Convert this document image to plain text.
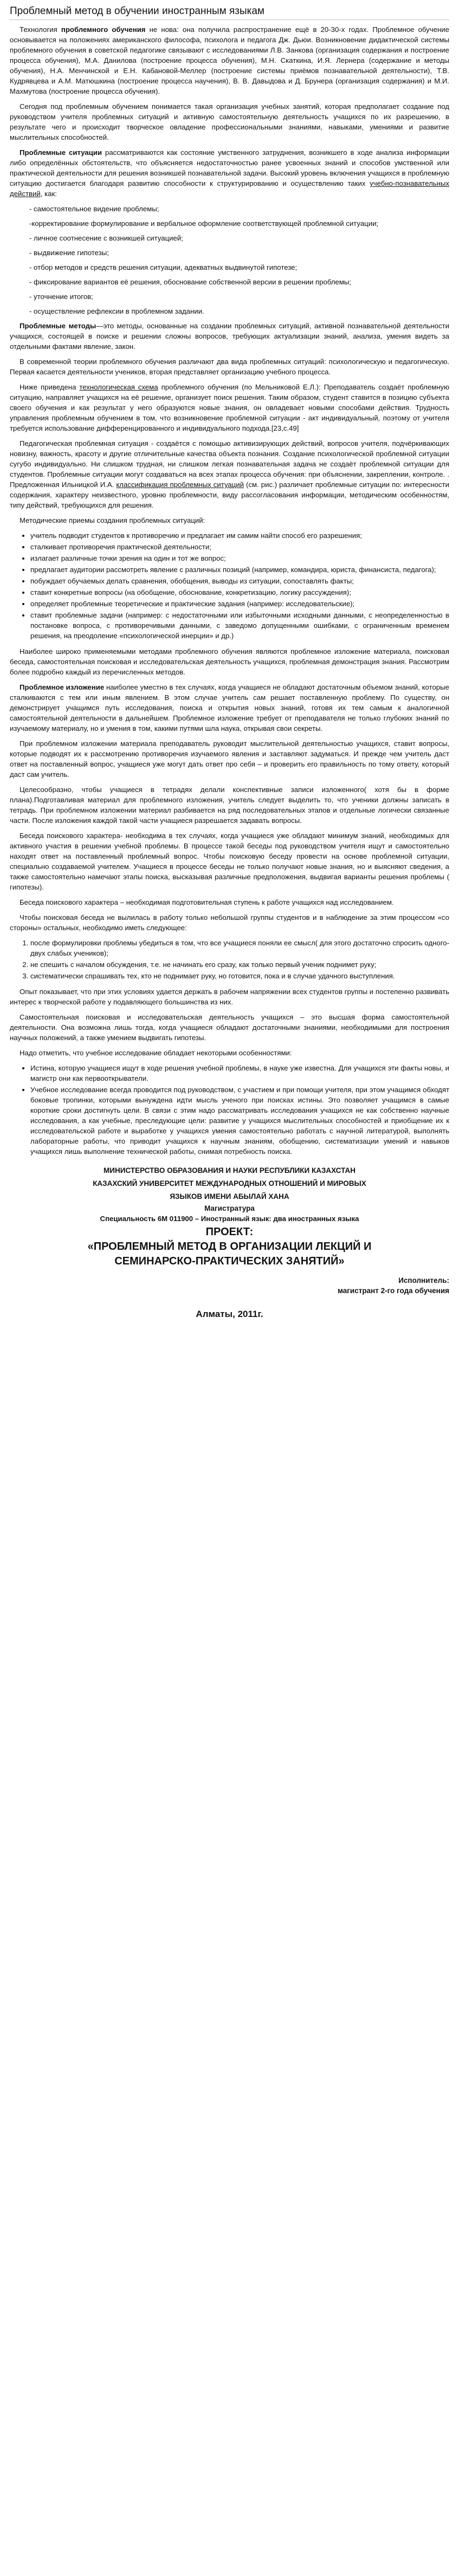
Проблемный метод в обучении иностранным языкам

Технология проблемного обучения не нова: она получила распространение ещё в 20-30-х годах. Проблемное обучение основывается на положениях американского философа, психолога и педагога Дж. Дьюи. Возникновение дидактической системы проблемного обучения в советской педагогике связывают с исследованиями Л.В. Занкова (организация содержания и построение процесса обучения), М.А. Данилова (построение процесса обучения), М.Н. Скаткина, И.Я. Лернера (содержание и методы обучения), Н.А. Менчинской и Е.Н. Кабановой-Меллер (построение системы приёмов познавательной деятельности), Т.В. Кудрявцева и А.М. Матюшкина (построение процесса научения), В. В. Давыдова и Д. Брунера (организация содержания) и М.И. Махмутова (построение процесса обучения).

Сегодня под проблемным обучением понимается такая организация учебных занятий, которая предполагает создание под руководством учителя проблемных ситуаций и активную самостоятельную деятельность учащихся по их разрешению, в результате чего и происходит творческое овладение профессиональными знаниями, навыками, умениями и развитие мыслительных способностей.

Проблемные ситуации рассматриваются как состояние умственного затруднения, возникшего в ходе анализа информации либо определённых обстоятельств, что объясняется недостаточностью ранее усвоенных знаний и способов умственной или практической деятельности для решения возникшей познавательной задачи. Высокий уровень включения учащихся в проблемную ситуацию достигается благодаря развитию способности к структурированию и осуществлению таких учебно-познавательных действий, как:

- самостоятельное видение проблемы;
-корректирование формулирование и вербальное оформление соответствующей проблемной ситуации;
- личное соотнесение с возникшей ситуацией;
- выдвижение гипотезы;
- отбор методов и средств решения ситуации, адекватных выдвинутой гипотезе;
- фиксирование вариантов её решения, обоснование собственной версии в решении проблемы;
- уточнение итогов;
- осуществление рефлексии в проблемном задании.

Проблемные методы—это методы, основанные на создании проблемных ситуаций, активной познавательной деятельности учащихся, состоящей в поиске и решении сложны вопросов, требующих актуализации знаний, анализа, умения видеть за отдельными фактами явление, закон.

В современной теории проблемного обучения различают два вида проблемных ситуаций: психологическую и педагогическую. Первая касается деятельности учеников, вторая представляет организацию учебного процесса.

Ниже приведена технологическая схема проблемного обучения (по Мельниковой Е.Л.): Преподаватель создаёт проблемную ситуацию, направляет учащихся на её решение, организует поиск решения. Таким образом, студент ставится в позицию субъекта своего обучения и как результат у него образуются новые знания, он овладевает новыми способами действия. Трудность управления проблемным обучением в том, что возникновение проблемной ситуации - акт индивидуальный, поэтому от учителя требуется использование дифференцированного и индивидуального подхода.[23,с.49]

Педагогическая проблемная ситуация - создаётся с помощью активизирующих действий, вопросов учителя, подчёркивающих новизну, важность, красоту и другие отличительные качества объекта познания. Создание психологической проблемной ситуации сугубо индивидуально. Ни слишком трудная, ни слишком легкая познавательная задача не создаёт проблемной ситуации для студентов. Проблемные ситуации могут создаваться на всех этапах процесса обучения: при объяснении, закреплении, контроле. . Предложенная Ильницкой И.А. классификация проблемных ситуаций (см. рис.) различает проблемные ситуации по: интересности содержания, характеру неизвестного, уровню проблемности, виду рассогласования информации, методическим особенностям, типу действий, требующихся для решения.

Методические приемы создания проблемных ситуаций:

• учитель подводит студентов к противоречию и предлагает им самим найти способ его разрешения;
• сталкивает противоречия практической деятельности;
• излагает различные точки зрения на один и тот же вопрос;
• предлагает аудитории рассмотреть явление с различных позиций (например, командира, юриста, финансиста, педагога);
• побуждает обучаемых делать сравнения, обобщения, выводы из ситуации, сопоставлять факты;
• ставит конкретные вопросы (на обобщение, обоснование, конкретизацию, логику рассуждения);
• определяет проблемные теоретические и практические задания (например: исследовательские);
• ставит проблемные задачи (например: с недостаточными или избыточными исходными данными, с неопределенностью в постановке вопроса, с противоречивыми данными, с заведомо допущенными ошибками, с ограниченным временем решения, на преодоление «психологической инерции» и др.)

Наиболее широко применяемыми методами проблемного обучения являются проблемное изложение материала, поисковая беседа, самостоятельная поисковая и исследовательская деятельность учащихся, проблемная демонстрация знания. Рассмотрим более подробно каждый из перечисленных методов.

Проблемное изложение наиболее уместно в тех случаях, когда учащиеся не обладают достаточным объемом знаний, которые сталкиваются с тем или иным явлением. В этом случае учитель сам решает поставленную проблему. По существу, он демонстрирует учащимся путь исследования, поиска и открытия новых знаний, готовя их тем самым к аналогичной самостоятельной деятельности в дальнейшем. Проблемное изложение требует от преподавателя не только глубоких знаний по изучаемому материалу, но и умения в том, какими путями шла наука, открывая свои секреты.

При проблемном изложении материала преподаватель руководит мыслительной деятельностью учащихся, ставит вопросы, которые подводят их к рассмотрению противоречия изучаемого явления и заставляют задуматься. И прежде чем учитель даст ответ на поставленный вопрос, учащиеся уже могут дать ответ про себя – и проверить его правильность по тому ответу, который даст сам учитель.

Целесообразно, чтобы учащиеся в тетрадях делали конспективные записи изложенного( хотя бы в форме плана).Подготавливая материал для проблемного изложения, учитель следует выделить то, что ученики должны записать в тетрадь. При проблемном изложении материал разбивается на ряд последовательных этапов и отдельные логически связанные части. После изложения каждой такой части учащиеся разрешается задавать вопросы.

Беседа поискового характера- необходима в тех случаях, когда учащиеся уже обладают минимум знаний, необходимых для активного участия в решении учебной проблемы. В процессе такой беседы под руководством учителя ищут и самостоятельно находят ответ на поставленный проблемный вопрос. Чтобы поисковую беседу провести на основе проблемной ситуации, специально создаваемой учителем. Учащиеся в процессе беседы не только получают новые знания, но и выясняют сведения, а также самостоятельно намечают этапы поиска, высказывая различные предположения, выдвигая варианты решения проблемы ( гипотезы).

Беседа поискового характера – необходимая подготовительная ступень к работе учащихся над исследованием.

Чтобы поисковая беседа не вылилась в работу только небольшой группы студентов и в наблюдение за этим процессом «со стороны» остальных, необходимо иметь следующее:

1. после формулировки проблемы убедиться в том, что все учащиеся поняли ее смысл( для этого достаточно спросить одного-двух слабых учеников);
2. не спешить с началом обсуждения, т.е. не начинать его сразу, как только первый ученик поднимет руку;
3. систематически спрашивать тех, кто не поднимает руку, но готовится, пока и в случае удачного выступления.

Опыт показывает, что при этих условиях удается держать в рабочем напряжении всех студентов группы и постепенно развивать интерес к творческой работе у подавляющего большинства из них.

Самостоятельная поисковая и исследовательская деятельность учащихся – это высшая форма самостоятельной деятельности. Она возможна лишь тогда, когда учащиеся обладают достаточными знаниями, необходимыми для построения научных положений, а также умением выдвигать гипотезы.

Надо отметить, что учебное исследование обладает некоторыми особенностями:

• Истина, которую учащиеся ищут в ходе решения учебной проблемы, в науке уже известна. Для учащихся эти факты новы, и магистр они как первооткрыватели.
• Учебное исследование всегда проводится под руководством, с участием и при помощи учителя, при этом учащимся обходят боковые тропинки, которыми вынуждена идти мысль ученого при поисках истины. Это позволяет учащимся в самые короткие сроки достигнуть цели. В связи с этим надо рассматривать исследования учащихся не как собственно научные исследования, а как учебные, преследующие цели: развитие у учащихся мыслительных способностей и приобщение их к исследовательской работе и выработке у учащихся умения самостоятельно работать с научной литературой, выполнять лабораторные работы, что приводит учащихся к научным знаниям, обобщению, систематизации умений и навыков учащихся лишь выполнение технической работы, снимая потребность поиска.
МИНИСТЕРСТВО ОБРАЗОВАНИЯ И НАУКИ РЕСПУБЛИКИ КАЗАХСТАН
КАЗАХСКИЙ УНИВЕРСИТЕТ МЕЖДУНАРОДНЫХ ОТНОШЕНИЙ И МИРОВЫХ
ЯЗЫКОВ ИМЕНИ АБЫЛАЙ ХАНА
Магистратура
Специальность 6М 011900 – Иностранный язык: два иностранных языка
ПРОЕКТ:
«ПРОБЛЕМНЫЙ МЕТОД В ОРГАНИЗАЦИИ ЛЕКЦИЙ И
СЕМИНАРСКО-ПРАКТИЧЕСКИХ ЗАНЯТИЙ»
Исполнитель:
магистрант 2-го года обучения
Алматы, 2011г.
